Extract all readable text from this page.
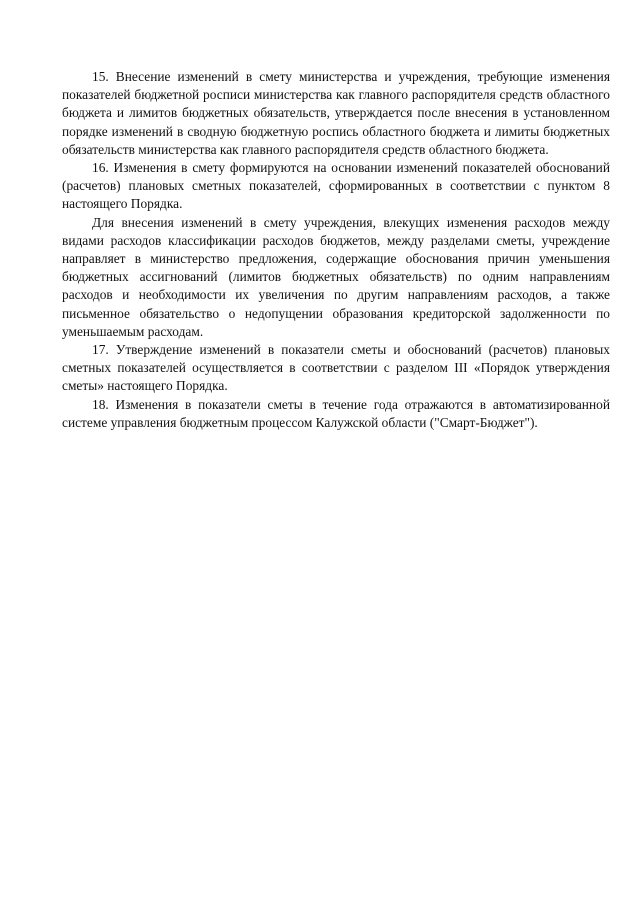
15. Внесение изменений в смету министерства и учреждения, требующие изменения показателей бюджетной росписи министерства как главного распорядителя средств областного бюджета и лимитов бюджетных обязательств, утверждается после внесения в установленном порядке изменений в сводную бюджетную роспись областного бюджета и лимиты бюджетных обязательств министерства как главного распорядителя средств областного бюджета.

16. Изменения в смету формируются на основании изменений показателей обоснований (расчетов) плановых сметных показателей, сформированных в соответствии с пунктом 8 настоящего Порядка.

Для внесения изменений в смету учреждения, влекущих изменения расходов между видами расходов классификации расходов бюджетов, между разделами сметы, учреждение направляет в министерство предложения, содержащие обоснования причин уменьшения бюджетных ассигнований (лимитов бюджетных обязательств) по одним направлениям расходов и необходимости их увеличения по другим направлениям расходов, а также письменное обязательство о недопущении образования кредиторской задолженности по уменьшаемым расходам.

17. Утверждение изменений в показатели сметы и обоснований (расчетов) плановых сметных показателей осуществляется в соответствии с разделом III «Порядок утверждения сметы» настоящего Порядка.

18. Изменения в показатели сметы в течение года отражаются в автоматизированной системе управления бюджетным процессом Калужской области ("Смарт-Бюджет").
